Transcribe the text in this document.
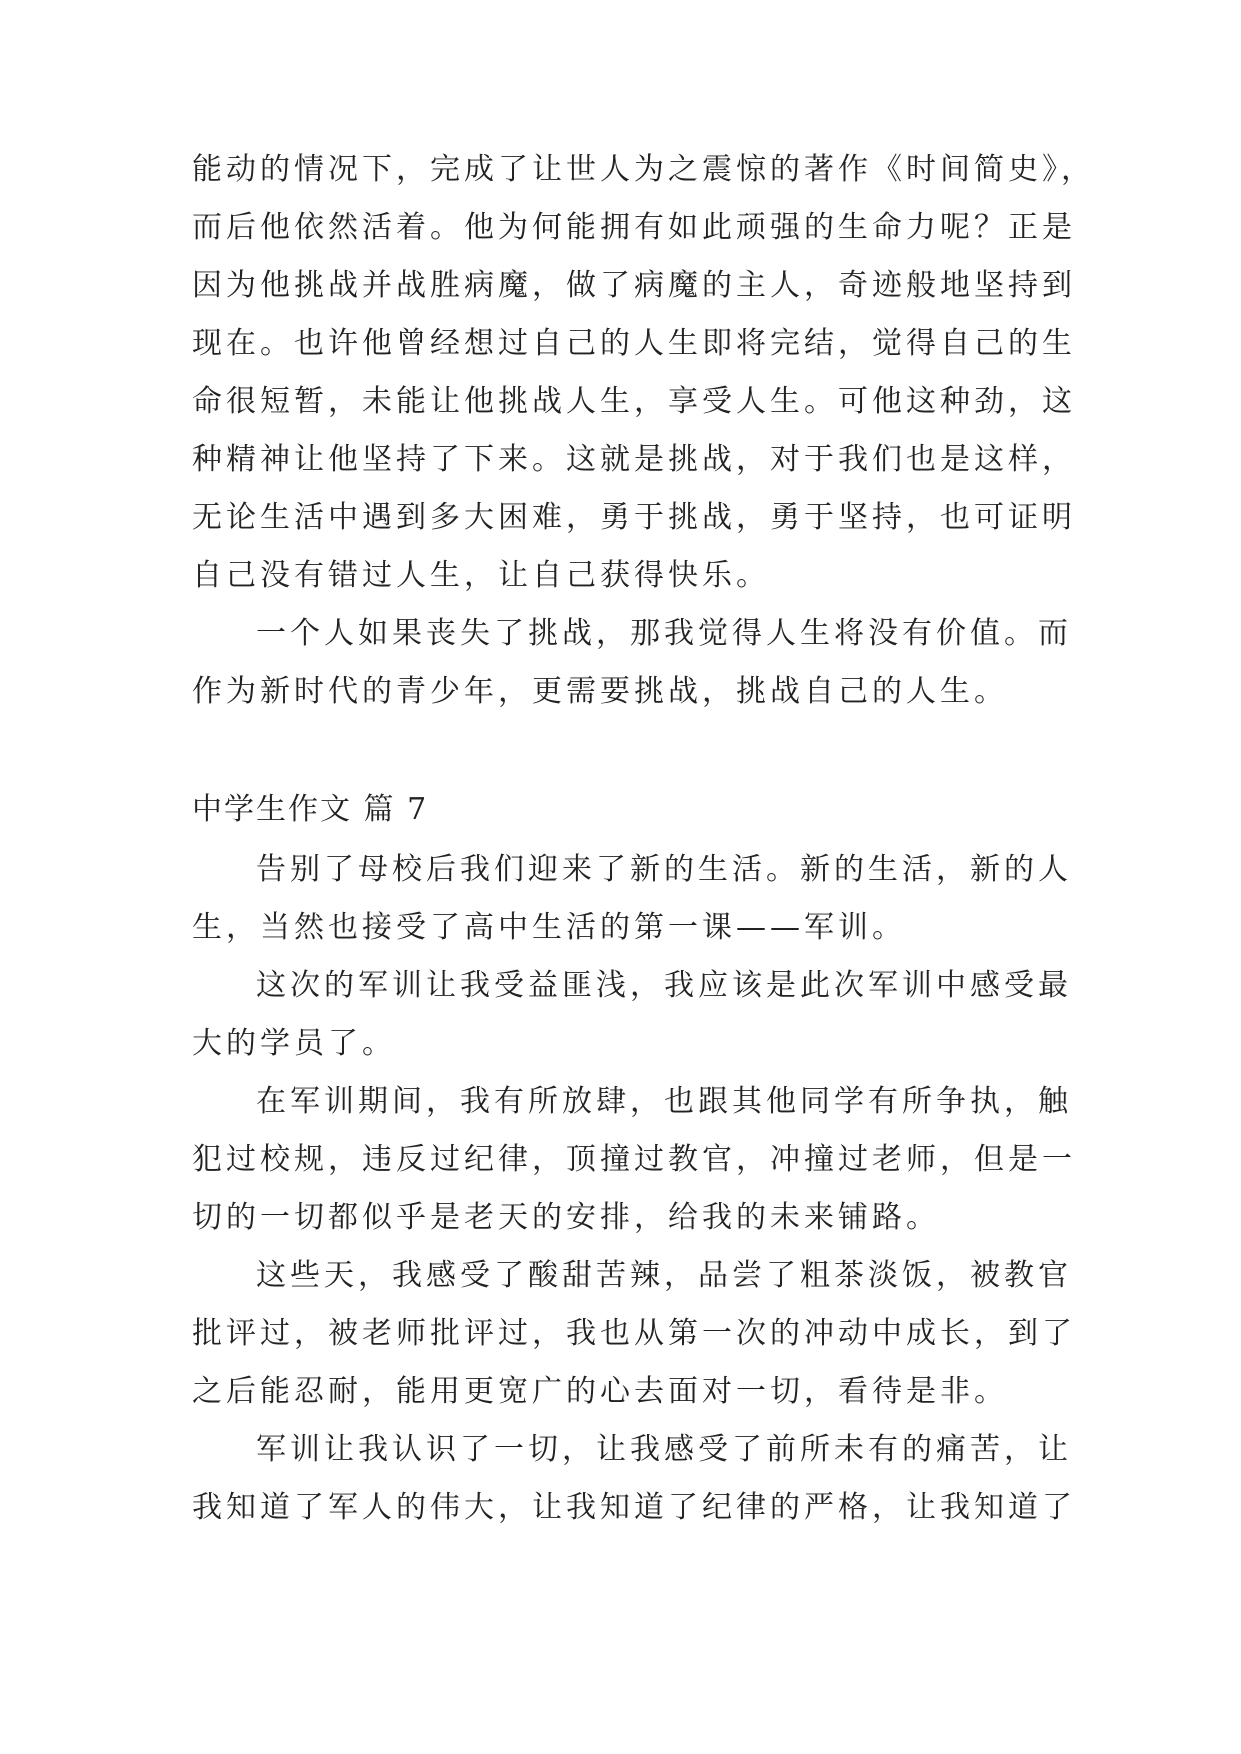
能动的情况下，完成了让世人为之震惊的著作《时间简史》，
而后他依然活着。他为何能拥有如此顽强的生命力呢？正是
因为他挑战并战胜病魔，做了病魔的主人，奇迹般地坚持到
现在。也许他曾经想过自己的人生即将完结，觉得自己的生
命很短暂，未能让他挑战人生，享受人生。可他这种劲，这
种精神让他坚持了下来。这就是挑战，对于我们也是这样，
无论生活中遇到多大困难，勇于挑战，勇于坚持，也可证明
自己没有错过人生，让自己获得快乐。
一个人如果丧失了挑战，那我觉得人生将没有价值。而
作为新时代的青少年，更需要挑战，挑战自己的人生。
中学生作文 篇 7
告别了母校后我们迎来了新的生活。新的生活，新的人
生，当然也接受了高中生活的第一课——军训。
这次的军训让我受益匪浅，我应该是此次军训中感受最
大的学员了。
在军训期间，我有所放肆，也跟其他同学有所争执，触
犯过校规，违反过纪律，顶撞过教官，冲撞过老师，但是一
切的一切都似乎是老天的安排，给我的未来铺路。
这些天，我感受了酸甜苦辣，品尝了粗茶淡饭，被教官
批评过，被老师批评过，我也从第一次的冲动中成长，到了
之后能忍耐，能用更宽广的心去面对一切，看待是非。
军训让我认识了一切，让我感受了前所未有的痛苦，让
我知道了军人的伟大，让我知道了纪律的严格，让我知道了
